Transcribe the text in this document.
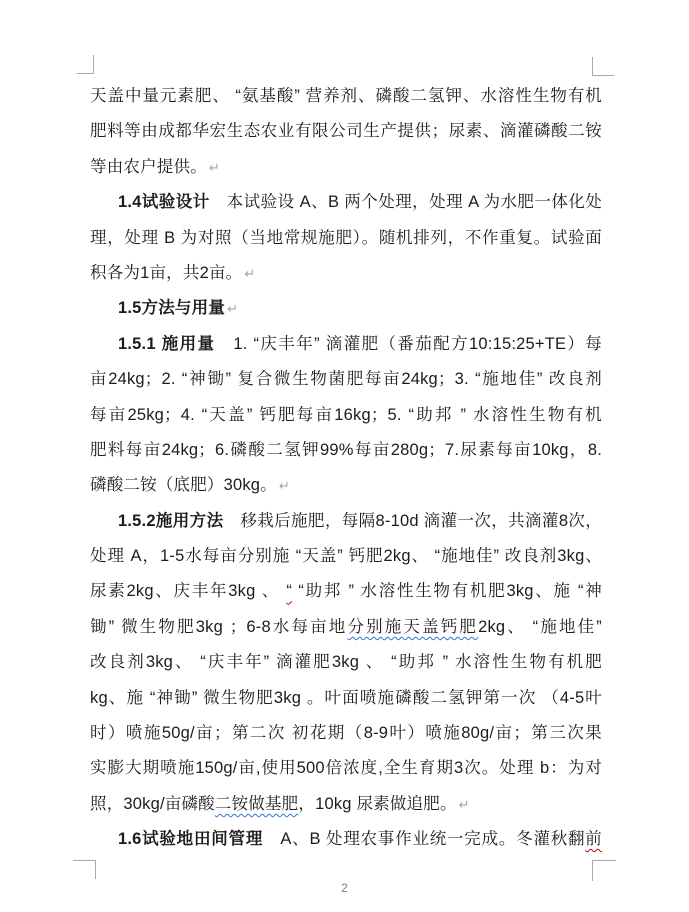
天盖中量元素肥、 “氨基酸” 营养剂、磷酸二氢钾、水溶性生物有机
肥料等由成都华宏生态农业有限公司生产提供；尿素、滴灌磷酸二铵
等由农户提供。 ↵
1.4试验设计　本试验设 A、B 两个处理，处理 A 为水肥一体化处
理，处理 B 为对照（当地常规施肥）。随机排列，不作重复。试验面
积各为1亩，共2亩。 ↵
1.5方法与用量 ↵
1.5.1 施用量　1. “庆丰年” 滴灌肥（番茄配方10:15:25+TE）每
亩24kg；2. “神锄” 复合微生物菌肥每亩24kg；3. “施地佳” 改良剂
每亩25kg；4. “天盖” 钙肥每亩16kg；5. “助邦 ” 水溶性生物有机
肥料每亩24kg；6.磷酸二氢钾99%每亩280g；7.尿素每亩10kg，8.
磷酸二铵（底肥）30kg。 ↵
1.5.2施用方法　移栽后施肥，每隔8-10d 滴灌一次，共滴灌8次，
处理 A，1-5水每亩分别施 “天盖” 钙肥2kg、 “施地佳” 改良剂3kg、
尿素2kg、庆丰年3kg 、 “ “助邦 ” 水溶性生物有机肥3kg、施 “神
锄” 微生物肥3kg ；6-8水每亩地分别施天盖钙肥2kg、 “施地佳”
改良剂3kg、 “庆丰年” 滴灌肥3kg 、 “助邦 ” 水溶性生物有机肥
kg、施 “神锄” 微生物肥3kg 。叶面喷施磷酸二氢钾第一次 （4-5叶
时）喷施50g/亩；第二次 初花期（8-9叶）喷施80g/亩；第三次果
实膨大期喷施150g/亩,使用500倍浓度,全生育期3次。处理 b：为对
照，30kg/亩磷酸二铵做基肥，10kg 尿素做追肥。 ↵
1.6试验地田间管理　A、B 处理农事作业统一完成。冬灌秋翻前
2
